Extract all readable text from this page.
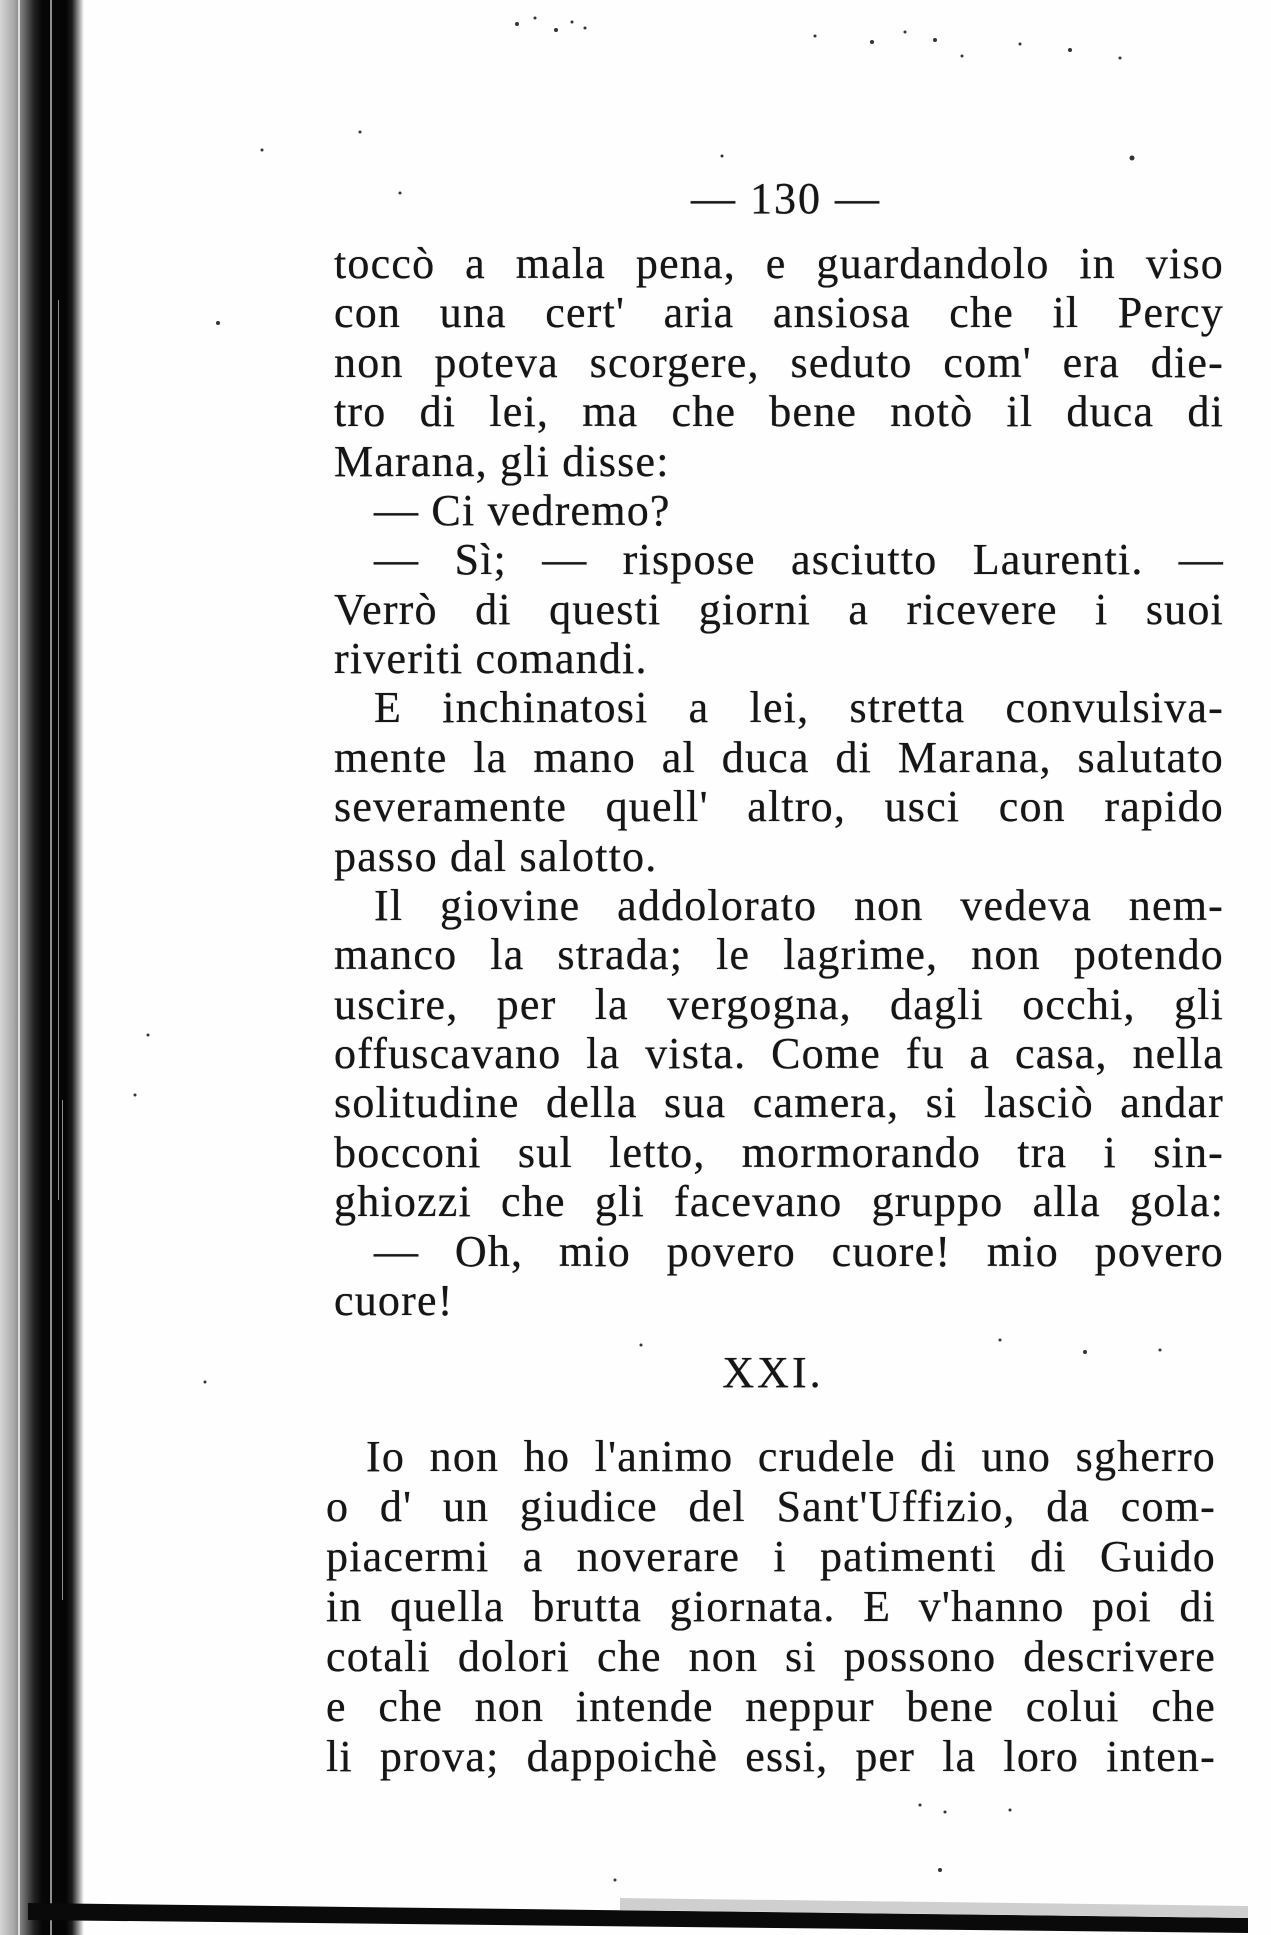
— 130 —
toccò a mala pena, e guardandolo in viso
con una cert' aria ansiosa che il Percy
non poteva scorgere, seduto com' era die-
tro di lei, ma che bene notò il duca di
Marana, gli disse:
— Ci vedremo?
— Sì; — rispose asciutto Laurenti. —
Verrò di questi giorni a ricevere i suoi
riveriti comandi.
E inchinatosi a lei, stretta convulsiva-
mente la mano al duca di Marana, salutato
severamente quell' altro, usci con rapido
passo dal salotto.
Il giovine addolorato non vedeva nem-
manco la strada; le lagrime, non potendo
uscire, per la vergogna, dagli occhi, gli
offuscavano la vista. Come fu a casa, nella
solitudine della sua camera, si lasciò andar
bocconi sul letto, mormorando tra i sin-
ghiozzi che gli facevano gruppo alla gola:
— Oh, mio povero cuore! mio povero
cuore!
XXI.
Io non ho l'animo crudele di uno sgherro
o d' un giudice del Sant'Uffizio, da com-
piacermi a noverare i patimenti di Guido
in quella brutta giornata. E v'hanno poi di
cotali dolori che non si possono descrivere
e che non intende neppur bene colui che
li prova; dappoichè essi, per la loro inten-
